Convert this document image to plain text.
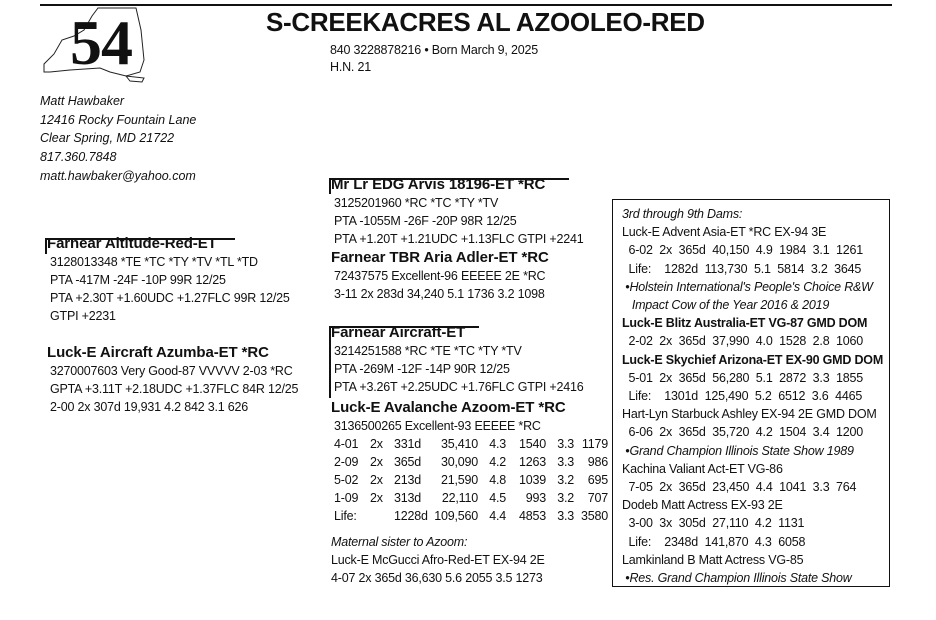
54	S-CREEKACRES AL AZOOLEO-RED
840 3228878216 • Born March 9, 2025
H.N. 21
Matt Hawbaker
12416 Rocky Fountain Lane
Clear Spring, MD 21722
817.360.7848
matt.hawbaker@yahoo.com
Farnear Altitude-Red-ET
3128013348 *TE *TC *TY *TV *TL *TD
PTA -417M -24F -10P 99R 12/25
PTA +2.30T +1.60UDC +1.27FLC 99R 12/25
GTPI +2231
Luck-E Aircraft Azumba-ET *RC
3270007603 Very Good-87 VVVVV 2-03 *RC
GPTA +3.11T +2.18UDC +1.37FLC 84R 12/25
2-00 2x 307d 19,931 4.2 842 3.1 626
Mr Lr EDG Arvis 18196-ET *RC
3125201960 *RC *TC *TY *TV
PTA -1055M -26F -20P 98R 12/25
PTA +1.20T +1.21UDC +1.13FLC GTPI +2241
Farnear TBR Aria Adler-ET *RC
72437575 Excellent-96 EEEEE 2E *RC
3-11 2x 283d 34,240 5.1 1736 3.2 1098
Farnear Aircraft-ET
3214251588 *RC *TE *TC *TY *TV
PTA -269M -12F -14P 90R 12/25
PTA +3.26T +2.25UDC +1.76FLC GTPI +2416
Luck-E Avalanche Azoom-ET *RC
3136500265 Excellent-93 EEEEE *RC
4-01	2x	331d	35,410	4.3	1540	3.3	1179
2-09	2x	365d	30,090	4.2	1263	3.3	986
5-02	2x	213d	21,590	4.8	1039	3.2	695
1-09	2x	313d	22,110	4.5	993	3.2	707
Life:		1228d	109,560	4.4	4853	3.3	3580
Maternal sister to Azoom:
Luck-E McGucci Afro-Red-ET EX-94 2E
4-07 2x 365d 36,630 5.6 2055 3.5 1273
3rd through 9th Dams:
Luck-E Advent Asia-ET *RC EX-94 3E
6-02  2x  365d  40,150  4.9  1984  3.1  1261
Life:    1282d  113,730  5.1  5814  3.2  3645
•Holstein International's People's Choice R&W
Impact Cow of the Year 2016 & 2019
Luck-E Blitz Australia-ET VG-87 GMD DOM
2-02  2x  365d  37,990  4.0  1528  2.8  1060
Luck-E Skychief Arizona-ET EX-90 GMD DOM
5-01  2x  365d  56,280  5.1  2872  3.3  1855
Life:    1301d  125,490  5.2  6512  3.6  4465
Hart-Lyn Starbuck Ashley EX-94 2E GMD DOM
6-06  2x  365d  35,720  4.2  1504  3.4  1200
•Grand Champion Illinois State Show 1989
Kachina Valiant Act-ET VG-86
7-05  2x  365d  23,450  4.4  1041  3.3  764
Dodeb Matt Actress EX-93 2E
3-00  3x  305d  27,110  4.2  1131
Life:    2348d  141,870  4.3  6058
Lamkinland B Matt Actress VG-85
•Res. Grand Champion Illinois State Show
